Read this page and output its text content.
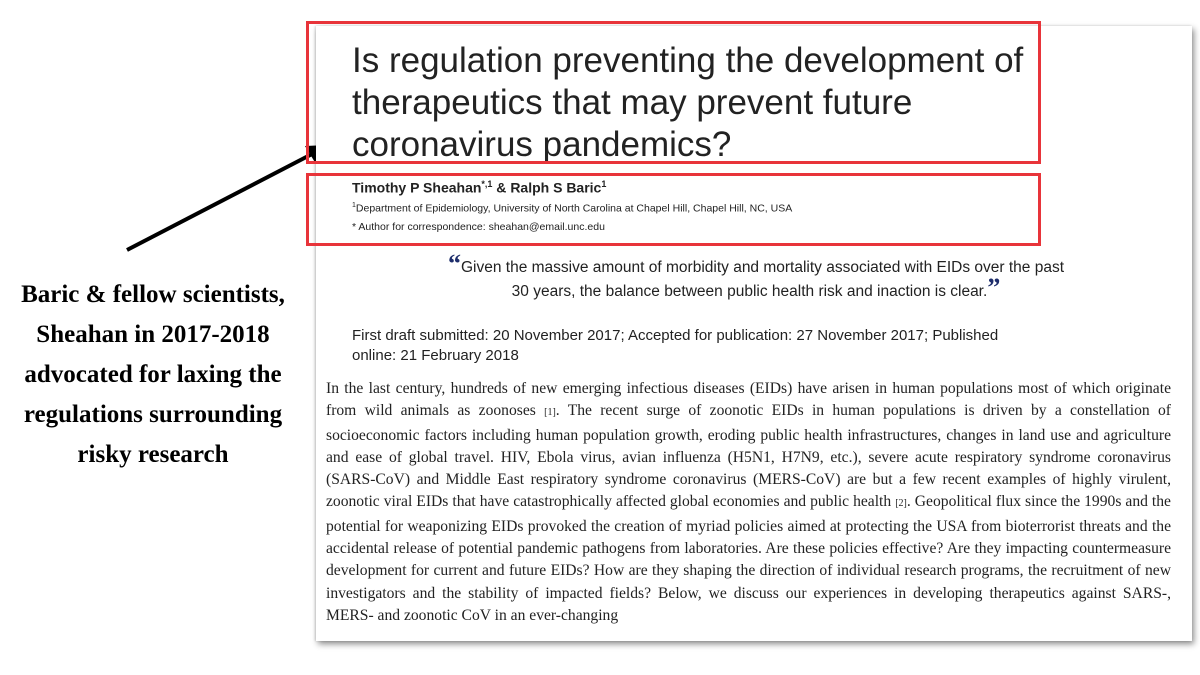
Baric & fellow scientists,
Sheahan in 2017-2018
advocated for laxing the
regulations surrounding
risky research
Is regulation preventing the development of
therapeutics that may prevent future
coronavirus pandemics?
Timothy P Sheahan$^{*,1}$ & Ralph S Baric$^1$
$^1$Department of Epidemiology, University of North Carolina at Chapel Hill, Chapel Hill, NC, USA
* Author for correspondence: sheahan@email.unc.edu
“Given the massive amount of morbidity and mortality associated with EIDs over the past
30 years, the balance between public health risk and inaction is clear.”
First draft submitted: 20 November 2017; Accepted for publication: 27 November 2017; Published
online: 21 February 2018
In the last century, hundreds of new emerging infectious diseases (EIDs) have arisen in human populations most of which originate from wild animals as zoonoses [1]. The recent surge of zoonotic EIDs in human populations is driven by a constellation of socioeconomic factors including human population growth, eroding public health infrastructures, changes in land use and agriculture and ease of global travel. HIV, Ebola virus, avian influenza (H5N1, H7N9, etc.), severe acute respiratory syndrome coronavirus (SARS-CoV) and Middle East respiratory syndrome coronavirus (MERS-CoV) are but a few recent examples of highly virulent, zoonotic viral EIDs that have catastrophically affected global economies and public health [2]. Geopolitical flux since the 1990s and the potential for weaponizing EIDs provoked the creation of myriad policies aimed at protecting the USA from bioterrorist threats and the accidental release of potential pandemic pathogens from laboratories. Are these policies effective? Are they impacting countermeasure development for current and future EIDs? How are they shaping the direction of individual research programs, the recruitment of new investigators and the stability of impacted fields? Below, we discuss our experiences in developing therapeutics against SARS-, MERS- and zoonotic CoV in an ever-changing
